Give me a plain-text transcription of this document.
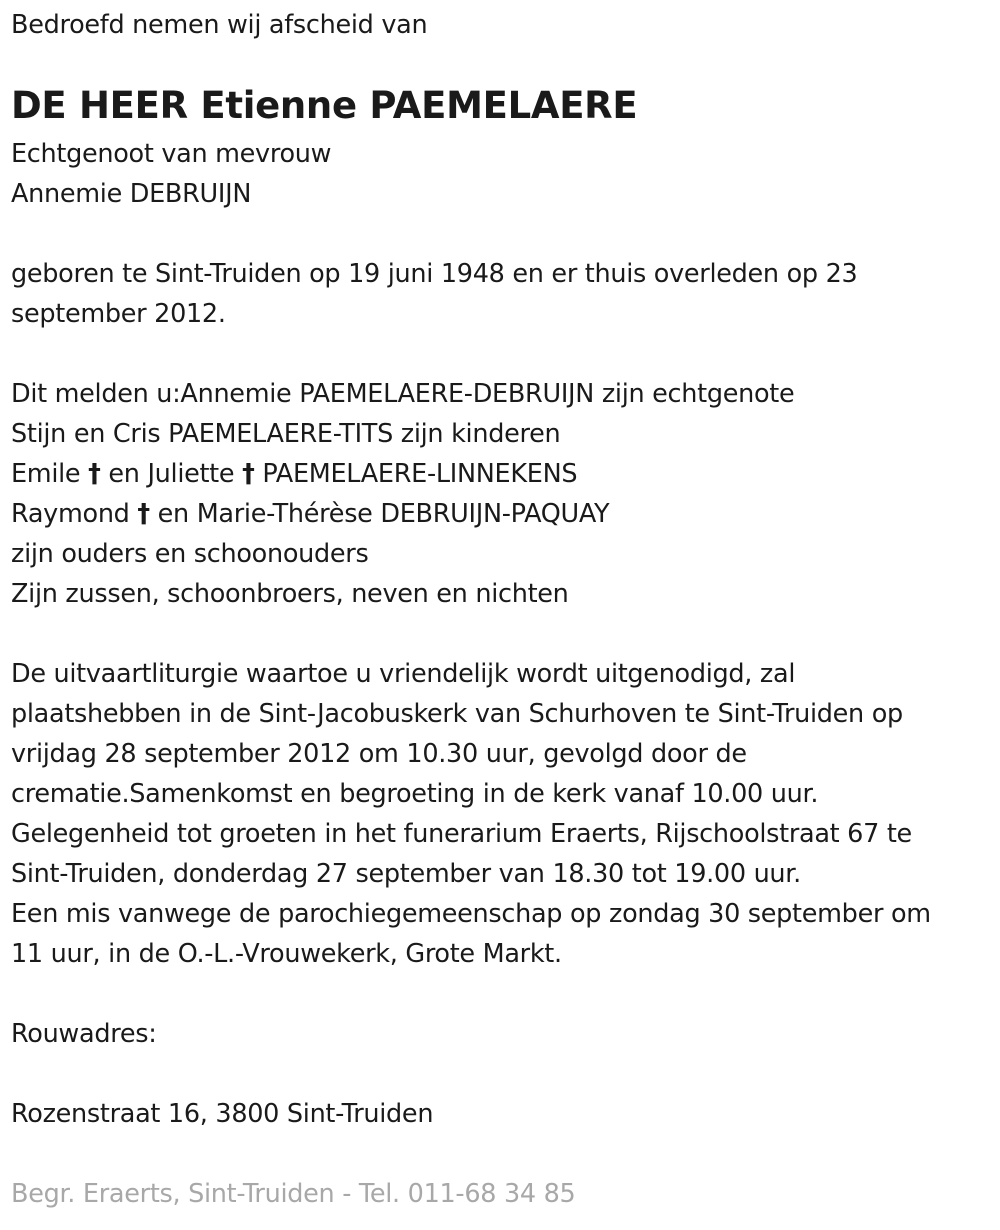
Bedroefd nemen wij afscheid van
DE HEER Etienne PAEMELAERE
Echtgenoot van mevrouw
Annemie DEBRUIJN
geboren te Sint-Truiden op 19 juni 1948 en er thuis overleden op 23
september 2012.
Dit melden u:Annemie PAEMELAERE-DEBRUIJN zijn echtgenote
Stijn en Cris PAEMELAERE-TITS zijn kinderen
Emile † en Juliette † PAEMELAERE-LINNEKENS
Raymond † en Marie-Thérèse DEBRUIJN-PAQUAY
zijn ouders en schoonouders
Zijn zussen, schoonbroers, neven en nichten
De uitvaartliturgie waartoe u vriendelijk wordt uitgenodigd, zal
plaatshebben in de Sint-Jacobuskerk van Schurhoven te Sint-Truiden op
vrijdag 28 september 2012 om 10.30 uur, gevolgd door de
crematie.Samenkomst en begroeting in de kerk vanaf 10.00 uur.
Gelegenheid tot groeten in het funerarium Eraerts, Rijschoolstraat 67 te
Sint-Truiden, donderdag 27 september van 18.30 tot 19.00 uur.
Een mis vanwege de parochiegemeenschap op zondag 30 september om
11 uur, in de O.-L.-Vrouwekerk, Grote Markt.
Rouwadres:
Rozenstraat 16, 3800 Sint-Truiden
Begr. Eraerts, Sint-Truiden - Tel. 011-68 34 85
